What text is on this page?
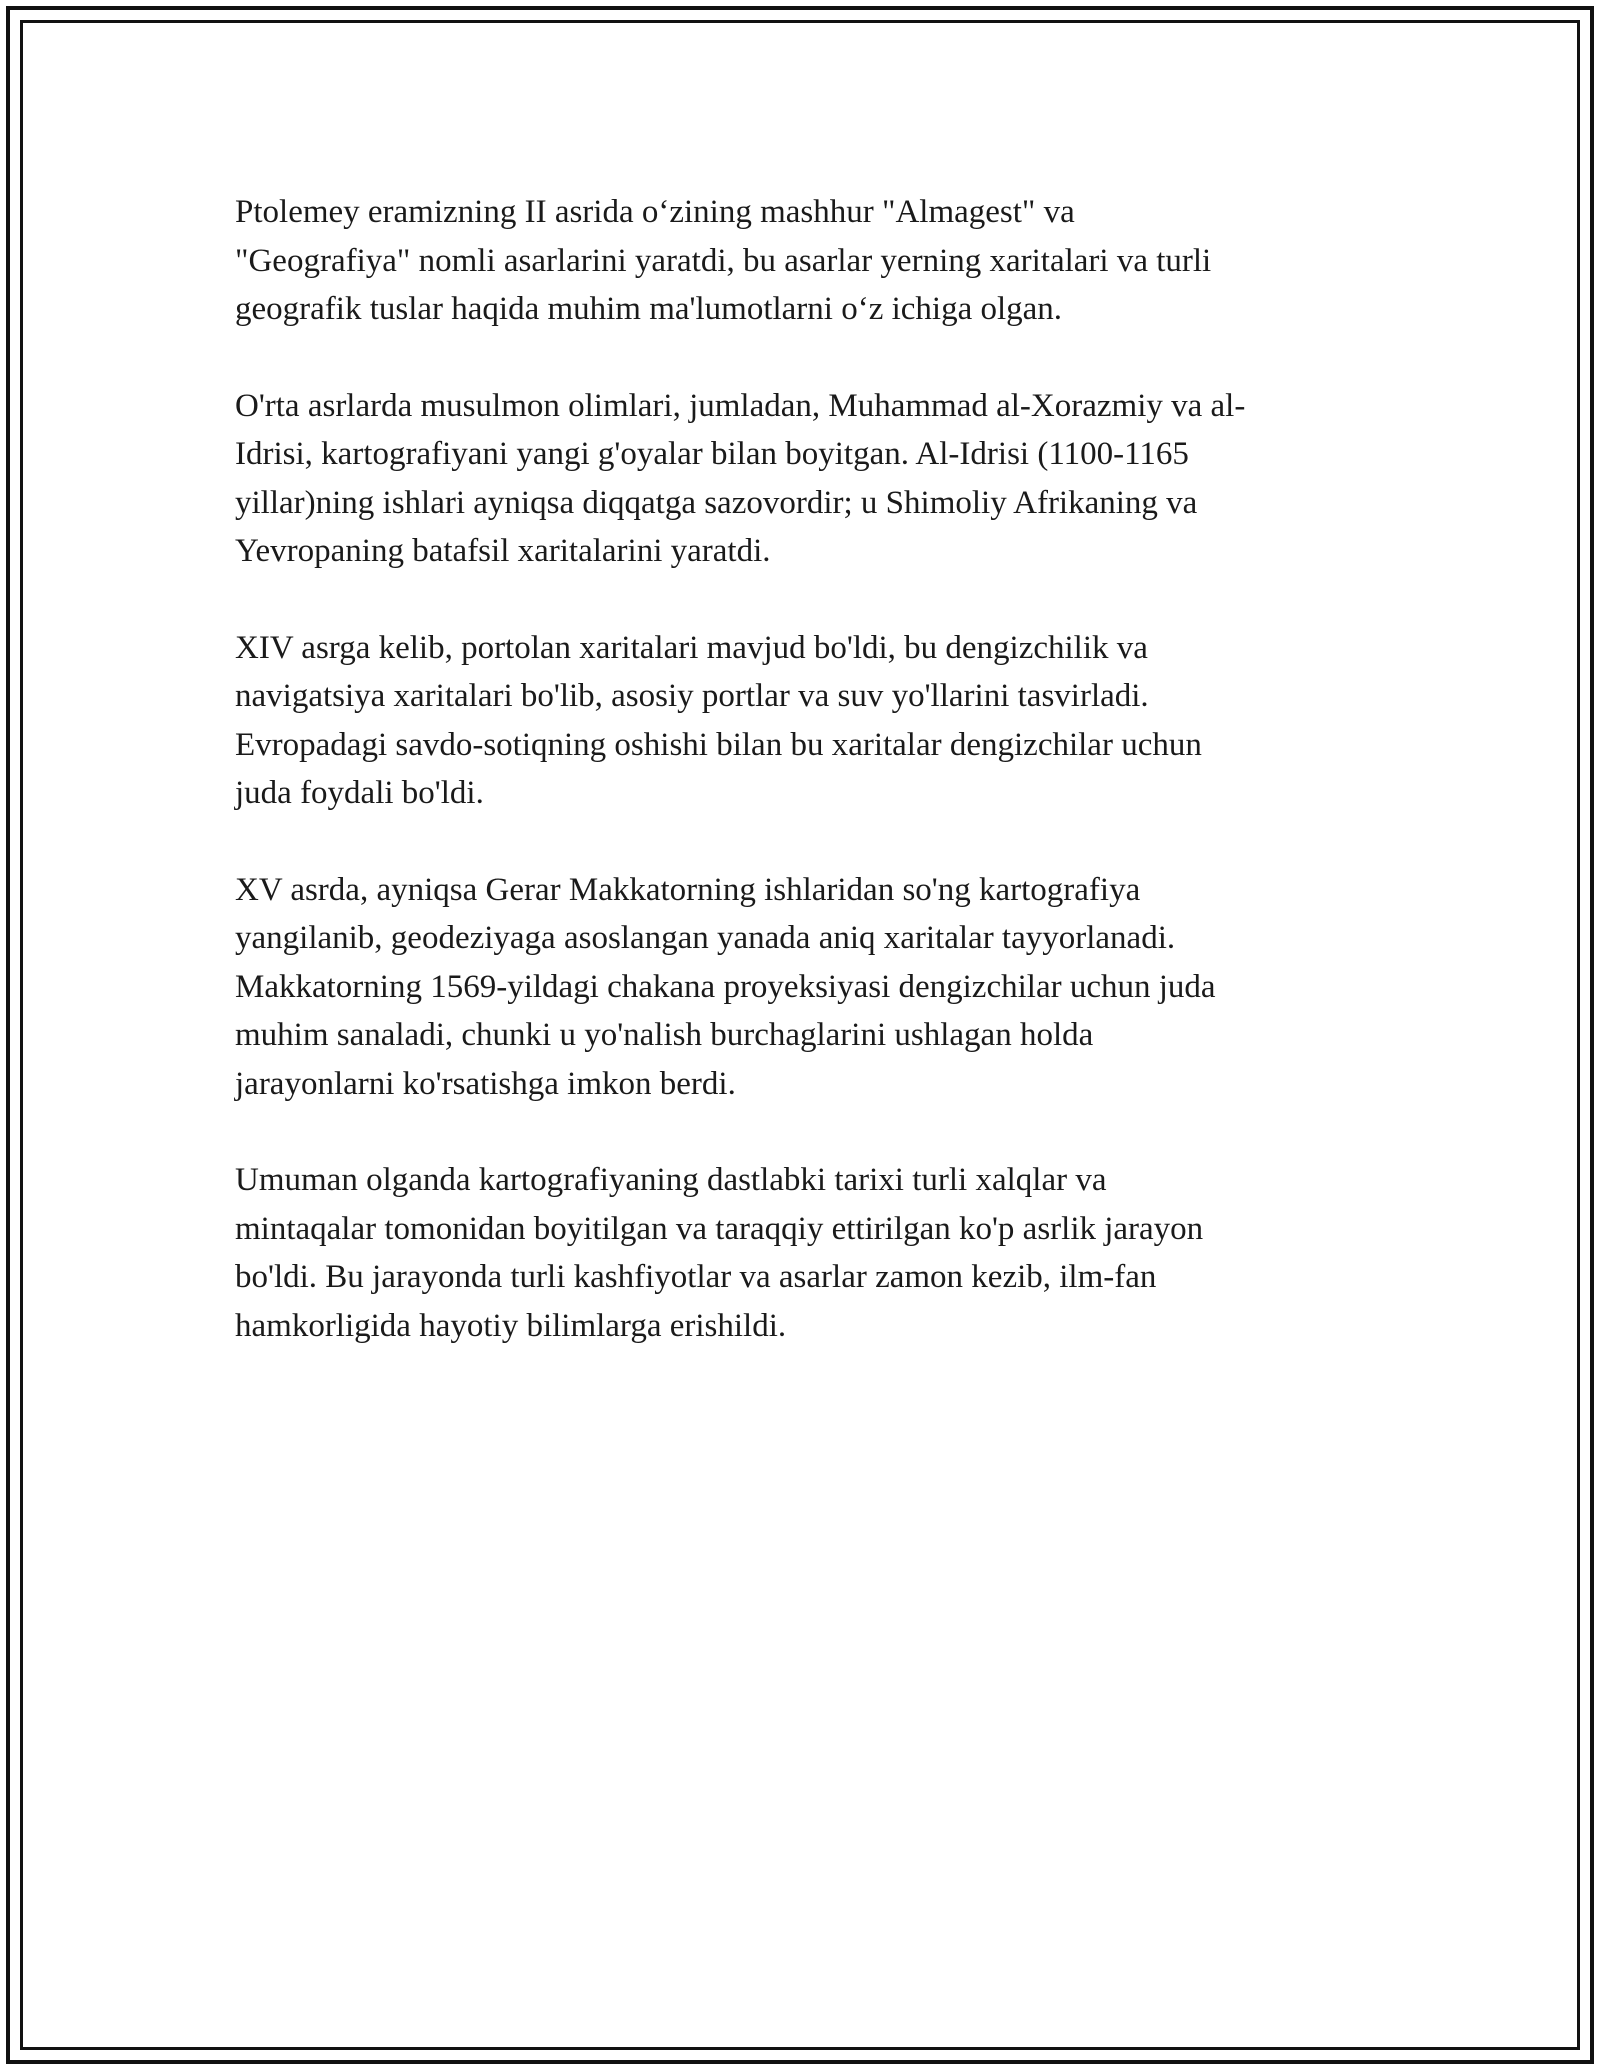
Ptolemey eramizning II asrida o‘zining mashhur "Almagest" va
"Geografiya" nomli asarlarini yaratdi, bu asarlar yerning xaritalari va turli
geografik tuslar haqida muhim ma'lumotlarni o‘z ichiga olgan.

O'rta asrlarda musulmon olimlari, jumladan, Muhammad al-Xorazmiy va al-
Idrisi, kartografiyani yangi g'oyalar bilan boyitgan. Al-Idrisi (1100-1165
yillar)ning ishlari ayniqsa diqqatga sazovordir; u Shimoliy Afrikaning va
Yevropaning batafsil xaritalarini yaratdi.

XIV asrga kelib, portolan xaritalari mavjud bo'ldi, bu dengizchilik va
navigatsiya xaritalari bo'lib, asosiy portlar va suv yo'llarini tasvirladi.
Evropadagi savdo-sotiqning oshishi bilan bu xaritalar dengizchilar uchun
juda foydali bo'ldi.

XV asrda, ayniqsa Gerar Makkatorning ishlaridan so'ng kartografiya
yangilanib, geodeziyaga asoslangan yanada aniq xaritalar tayyorlanadi.
Makkatorning 1569-yildagi chakana proyeksiyasi dengizchilar uchun juda
muhim sanaladi, chunki u yo'nalish burchaglarini ushlagan holda
jarayonlarni ko'rsatishga imkon berdi.

Umuman olganda kartografiyaning dastlabki tarixi turli xalqlar va
mintaqalar tomonidan boyitilgan va taraqqiy ettirilgan ko'p asrlik jarayon
bo'ldi. Bu jarayonda turli kashfiyotlar va asarlar zamon kezib, ilm-fan
hamkorligida hayotiy bilimlarga erishildi.
